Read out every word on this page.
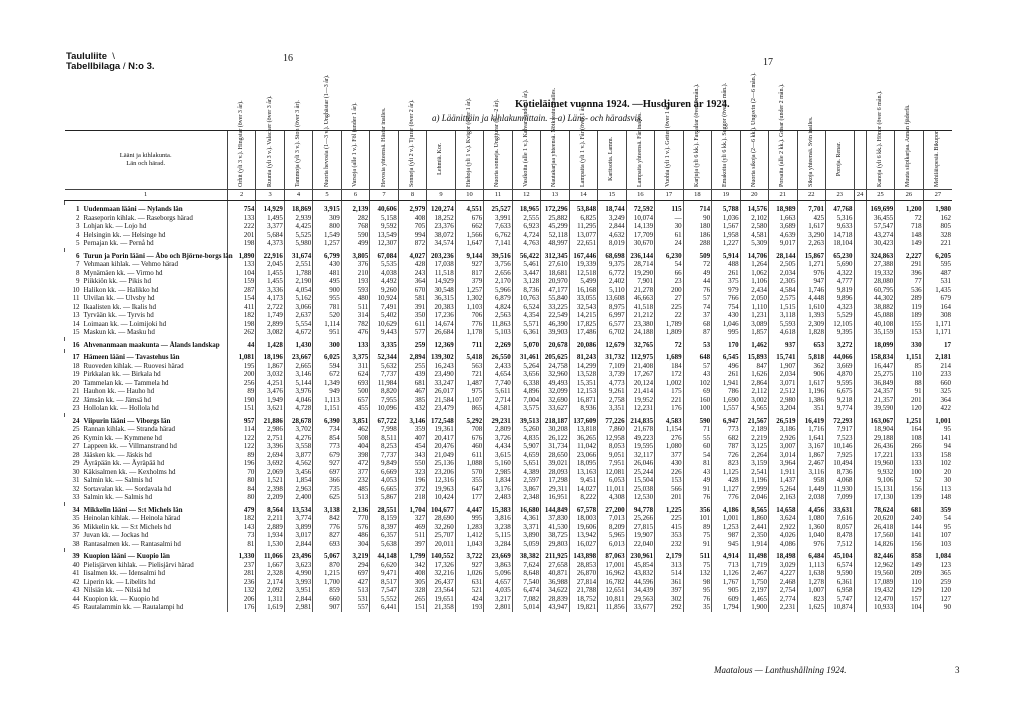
Taululiite \
Tabellbilaga / N:o 3.
16	17
Kotieläimet vuonna 1924. —Husdjuren år 1924.
a) Läänittäin ja kihlakunnittain. —a) Läns- och häradsvis.
Lääni ja kihlakunta.
Län och härad.	Orhit (yli 3 v.). Hingstar (över 3 år).	Ruunia (yli 3 v.). Valacker (över 3 år).	Tammoja (yli 3 v.). Ston (över 3 år).	Nuoria hevosia (1—3 v.). Unghästar (1—3 år).	Varsoja (alle 1 v.). Föl (under 1 år).	Hevosia yhteensä. Hästar inalles.	Sonneja (yli 2 v.). Tjurar (över 2 år).	Lehmiä. Kor.	Hiehoja (yli 1 v.). Kvigor (över 1 år).	Nuoria sonneja. Ungtjurar (1—2 år).	Vasikoita (alle 1 v.). Kalvar (under 1 år).	Nautakarjaa yhteensä. Nötkreatur inalles.	Lampaita (yli 1 v.). Får (över 1 år).	Karitsoita. Lamm.	Lampaita yhteensä. Får inalles.	Vuohia (yli 1 v.). Getter (över 1 år).	Karjuja (yli 6 kk.). Fargaltar (över 6 mån.).	Emakoita (yli 6 kk.). Suggor (över 6 mån.).	Nuoria sikoja (2—6 kk.). Ungsvin (2—6 mån.).	Porsaita (alle 2 kk.). Grisar (under 2 mån.).	Sikoja yhteensä. Svin inalles.	Poroja. Renar.		Kanoja (yli 6 kk.). Hönor (över 6 mån.).	Muuta siipikarjaa. Annan fjäderfä.	Mehiläispesiä. Bikupor.
1	2	3	4	5	6	7	8	9	10	11	12	13	14	15	16	17	18	19	20	21	22	23	24	25	26	27

1 Uudenmaan lääni — Nylands län	754	14,929	18,869	3,915	2,139	40,606	2,979	120,274	4,551	25,527	18,965	172,296	53,848	18,744	72,592	115	714	5,788	14,576	18,989	7,701	47,768		169,699	1,200	1,980
2 Raaseporin kihlak. — Raseborgs härad	133	1,495	2,939	309	282	5,158	408	18,252	676	3,991	2,555	25,882	6,825	3,249	10,074	—	90	1,036	2,102	1,663	425	5,316		36,455	72	162
3 Lohjan kk. — Lojo hd	222	3,377	4,425	800	768	9,592	705	23,376	662	7,633	6,923	45,299	11,295	2,844	14,139	30	180	1,567	2,580	3,689	1,617	9,633		57,547	718	805
4 Helsingin kk. — Helsinge hd	201	5,684	5,525	1,549	590	13,549	994	38,072	1,566	6,762	4,724	52,118	13,077	4,632	17,709	61	186	1,958	4,581	4,639	3,290	14,718		43,274	148	328
5 Pernajan kk. — Pernå hd	198	4,373	5,980	1,257	499	12,307	872	34,574	1,647	7,141	4,763	48,997	22,651	8,019	30,670	24	288	1,227	5,309	9,017	2,263	18,104		30,423	149	221

6 Turun ja Porin lääni — Åbo och Björne-borgs län	1,890	22,916	31,674	6,799	3,805	67,084	4,027	203,236	9,144	39,516	56,422	312,345	167,446	68,698	236,144	6,230	509	5,914	14,706	28,144	15,867	65,230		324,863	2,227	6,205
7 Vehmaan kihlak. — Vehmo härad	133	2,045	2,551	430	376	5,535	428	17,038	927	3,756	5,461	27,610	19,339	9,375	28,714	54	72	488	1,264	2,505	1,271	5,690		27,388	291	595
8 Mynämäen kk. — Virmo hd	104	1,455	1,788	481	210	4,038	243	11,518	817	2,656	3,447	18,681	12,518	6,772	19,290	66	49	261	1,062	2,034	976	4,322		19,332	396	487
9 Piikkiön kk. — Pikis hd	159	1,455	2,190	495	193	4,492	364	14,929	379	2,170	3,128	20,970	5,499	2,402	7,901	23	44	375	1,106	2,305	947	4,777		28,080	77	531
10 Halikon kk. — Halikko hd	287	3,336	4,054	900	593	9,260	670	30,548	1,257	5,966	8,736	47,177	16,168	5,110	21,278	200	76	979	2,434	4,584	1,746	9,819		60,795	536	1,435
11 Ulvilan kk. — Ulvsby hd	154	4,173	5,162	955	480	10,924	581	36,315	1,302	6,879	10,763	55,840	33,055	13,608	46,663	27	57	766	2,050	2,575	4,448	9,896		44,302	289	679
12 Ikaalisten kk. — Ikalis hd	411	2,722	3,066	781	511	7,491	391	20,383	1,103	4,824	6,524	33,225	32,543	8,975	41,518	225	74	754	1,110	1,515	1,610	4,323		38,882	119	164
13 Tyrvään kk. — Tyrvis hd	182	1,749	2,637	520	314	5,402	350	17,236	706	2,563	4,354	22,549	14,215	6,997	21,212	22	37	430	1,231	3,118	1,393	5,529		45,088	189	308
14 Loimaan kk. — Loimijoki hd	198	2,899	5,554	1,114	782	10,629	611	14,674	776	11,863	5,571	46,390	17,825	6,577	23,380	1,789	68	1,046	3,089	5,593	2,309	12,105		40,108	155	1,171
15 Maskun kk. — Masku hd	262	3,082	4,672	951	476	9,443	577	26,684	1,178	5,103	6,361	39,903	17,486	6,702	24,188	1,809	87	995	1,857	4,618	1,828	9,395		35,159	153	1,171

16 Ahvenanmaan maakunta — Ålands landskap	44	1,428	1,430	300	133	3,335	259	12,369	711	2,269	5,070	20,678	20,086	12,679	32,765	72	53	170	1,462	937	653	3,272		18,099	330	17

17 Hämeen lääni — Tavastehus län	1,081	18,196	23,667	6,025	3,375	52,344	2,894	139,302	5,418	26,550	31,461	205,625	81,243	31,732	112,975	1,689	648	6,545	15,893	15,741	5,818	44,066		158,834	1,151	2,181
18 Ruoveden kihlak. — Ruovesi härad	195	1,867	2,665	594	311	5,632	255	16,243	563	2,433	5,264	24,758	14,299	7,109	21,408	184	57	496	847	1,907	362	3,669		16,447	85	214
19 Pirkkalan kk. — Birkala hd	200	3,032	3,146	672	624	7,737	439	23,490	721	4,654	3,656	32,960	13,528	3,739	17,267	172	43	261	1,626	2,034	906	4,870		25,275	110	233
20 Tammelan kk. — Tammela hd	256	4,251	5,144	1,349	693	11,984	681	33,247	1,487	7,740	6,338	49,493	15,351	4,773	20,124	1,002	102	1,941	2,864	3,071	1,617	9,595		36,849	88	660
21 Hauhon kk. — Hauho hd	89	3,476	3,976	949	500	8,820	467	26,017	975	5,611	4,896	32,099	12,153	9,261	21,414	175	69	786	2,112	2,512	1,196	6,675		24,357	91	325
22 Jämsän kk. — Jämsä hd	190	1,949	4,046	1,113	657	7,955	385	21,584	1,107	2,714	7,004	32,690	16,871	2,758	19,952	221	160	1,690	3,002	2,980	1,386	9,218		21,357	201	364
23 Hollolan kk. — Hollola hd	151	3,621	4,728	1,151	455	10,096	432	23,479	865	4,581	3,575	33,627	8,936	3,351	12,231	176	100	1,557	4,565	3,204	351	9,774		39,590	120	422

24 Viipurin lääni — Viborgs län	957	21,886	28,678	6,390	3,851	67,722	3,146	172,548	5,292	29,231	39,513	218,187	137,609	77,226	214,835	4,583	590	6,947	21,567	26,519	16,419	72,293		163,067	1,251	1,001
25 Rannan kihlak. — Stranda härad	114	2,986	3,702	734	462	7,998	359	19,361	708	2,809	5,260	30,208	13,818	7,860	21,678	1,154	71	773	2,189	3,186	1,716	7,917		18,904	164	95
26 Kymin kk. — Kymmene hd	122	2,751	4,276	854	508	8,511	407	20,417	676	3,726	4,835	26,122	36,265	12,958	49,223	276	55	682	2,219	2,926	1,641	7,523		29,188	108	141
27 Lappeen kk. — Villmanstrand hd	122	3,396	3,558	773	404	8,253	454	20,476	460	4,434	5,907	31,734	11,042	8,053	19,595	1,080	60	787	3,125	3,007	3,167	10,146		26,436	266	94
28 Jääsken kk. — Jäskis hd	89	2,694	3,877	679	398	7,737	343	21,049	611	3,615	4,659	28,650	23,066	9,051	32,117	377	54	726	2,264	3,014	1,867	7,925		17,221	133	158
29 Äyräpään kk. — Äyräpää hd	196	3,692	4,562	927	472	9,849	550	25,136	1,088	5,160	5,651	39,021	18,095	7,951	26,046	430	81	823	3,159	3,964	2,467	10,494		19,960	133	102
30 Käkisalmen kk. — Kexholms hd	70	2,069	3,456	697	377	6,669	323	23,206	570	2,985	4,389	28,093	13,163	12,081	25,244	226	43	1,125	2,541	1,911	3,116	8,736		9,932	100	20
31 Salmin kk. — Salmis hd	80	1,521	1,854	366	232	4,053	196	12,316	355	1,834	2,597	17,298	9,451	6,053	15,504	153	49	428	1,196	1,437	958	4,068		9,106	52	30
32 Sortavalan kk. — Sordavala hd	84	2,398	2,963	735	485	6,665	372	19,963	647	3,176	3,867	29,311	14,027	11,011	25,038	566	91	1,127	2,999	5,264	1,449	11,930		15,131	156	113
33 Salmin kk. — Salmis hd	80	2,209	2,400	625	513	5,867	218	10,424	177	2,483	2,348	16,951	8,222	4,308	12,530	201	76	776	2,046	2,163	2,038	7,099		17,130	139	148

34 Mikkelin lääni — S:t Michels län	479	8,564	13,534	3,138	2,136	28,551	1,704	104,677	4,447	15,383	16,680	144,849	67,578	27,200	94,778	1,225	356	4,186	8,565	14,658	4,456	33,631		78,624	681	359
35 Heinolan kihlak. — Heinola härad	182	2,211	3,774	842	770	8,159	327	28,690	995	3,816	4,361	37,830	18,003	7,013	25,266	225	101	1,001	1,860	3,624	1,080	7,616		20,620	240	54
36 Mikkelin kk. — S:t Michels hd	143	2,889	3,899	776	576	8,397	469	32,260	1,283	3,238	3,371	41,530	19,606	8,209	27,815	415	89	1,253	2,441	2,922	1,360	8,057		26,418	144	95
37 Juvan kk. — Jockas hd	73	1,934	3,017	827	486	6,357	511	25,707	1,412	5,115	3,890	38,725	13,942	5,965	19,907	353	75	987	2,350	4,026	1,040	8,478		17,560	141	107
38 Rantasalmen kk. — Rantasalmi hd	81	1,530	2,844	693	304	5,638	397	20,011	1,043	3,284	5,059	29,803	16,027	6,013	22,040	232	91	945	1,914	4,086	976	7,512		14,826	156	103

39 Kuopion lääni — Kuopio län	1,330	11,066	23,496	5,067	3,219	44,148	1,799	140,552	3,722	23,669	38,382	211,925	143,898	87,063	230,961	2,179	511	4,914	11,498	18,498	6,484	45,104		82,446	858	1,084
40 Pielisjärven kihlak. — Pielisjärvi härad	237	1,667	3,623	870	294	6,620	342	17,326	927	3,863	7,624	27,658	28,853	17,001	45,854	313	75	713	1,719	3,029	1,113	6,574		12,962	149	123
41 Iisalmen kk. — Idensalmi hd	281	2,328	4,990	1,215	697	9,471	408	32,216	1,026	5,096	8,648	40,871	26,870	16,962	43,832	514	132	1,126	2,467	4,227	1,638	9,590		19,560	209	365
42 Liperin kk. — Libelits hd	236	2,174	3,993	1,700	427	8,517	305	26,437	631	4,657	7,540	36,988	27,814	16,782	44,596	361	98	1,767	1,750	2,468	1,278	6,361		17,089	110	259
43 Nilsiän kk. — Nilsiä hd	132	2,092	3,951	859	513	7,547	328	23,564	521	4,035	6,474	34,622	21,788	12,651	34,439	397	95	905	2,197	2,754	1,007	6,958		19,432	129	120
44 Kuopion kk. — Kuopio hd	206	1,311	2,844	660	531	5,552	265	19,651	424	3,217	7,082	28,839	18,752	10,811	29,563	302	76	609	1,465	2,774	823	5,747		12,470	157	127
45 Rautalammin kk. — Rautalampi hd	176	1,619	2,981	907	557	6,441	151	21,358	193	2,801	5,014	43,947	19,821	11,856	33,677	292	35	1,794	1,900	2,231	1,625	10,874		10,933	104	90
Maatalous — Lanthushållning 1924.	3
